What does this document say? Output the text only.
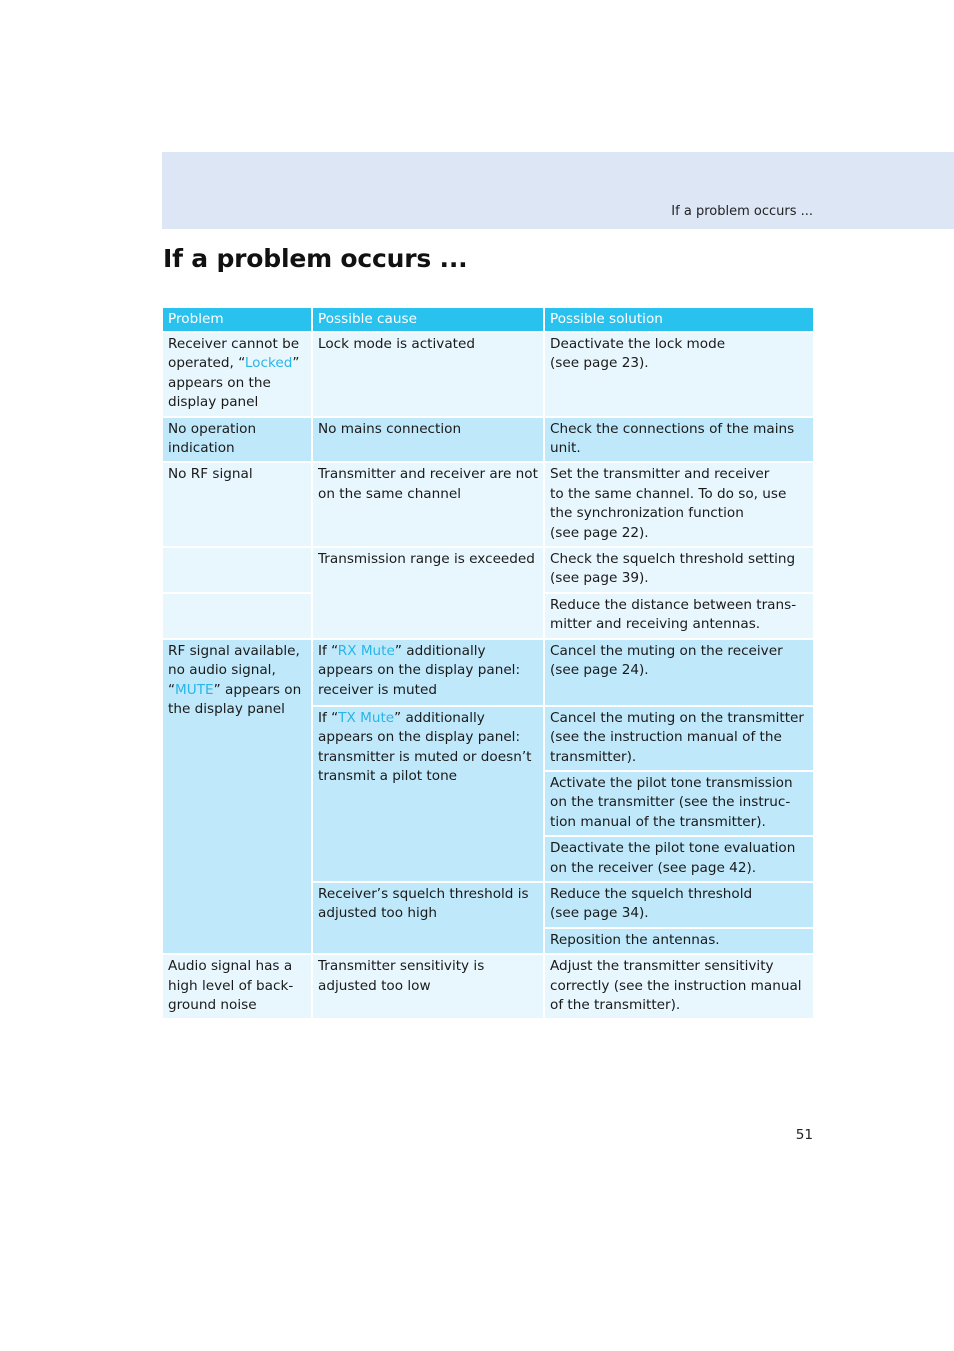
If a problem occurs ...
If a problem occurs ...
Problem	Possible cause	Possible solution
Receiver cannot be operated, “Locked” appears on the display panel	Lock mode is activated	Deactivate the lock mode
(see page 23).
No operation indication	No mains connection	Check the connections of the mains unit.
No RF signal	Transmitter and receiver are not on the same channel	Set the transmitter and receiver
to the same channel. To do so, use
the synchronization function
(see page 22).
	Transmission range is exceeded	Check the squelch threshold setting
(see page 39).
		Reduce the distance between trans-
mitter and receiving antennas.
RF signal available,
no audio signal,
“MUTE” appears on
the display panel	If “RX Mute” additionally
appears on the display panel:
receiver is muted	Cancel the muting on the receiver
(see page 24).
	If “TX Mute” additionally
appears on the display panel:
transmitter is muted or doesn’t
transmit a pilot tone	Cancel the muting on the transmitter
(see the instruction manual of the
transmitter).
		Activate the pilot tone transmission
on the transmitter (see the instruc-
tion manual of the transmitter).
		Deactivate the pilot tone evaluation
on the receiver (see page 42).
	Receiver’s squelch threshold is adjusted too high	Reduce the squelch threshold
(see page 34).
		Reposition the antennas.
Audio signal has a high level of back- ground noise	Transmitter sensitivity is adjusted too low	Adjust the transmitter sensitivity
correctly (see the instruction manual
of the transmitter).
51
